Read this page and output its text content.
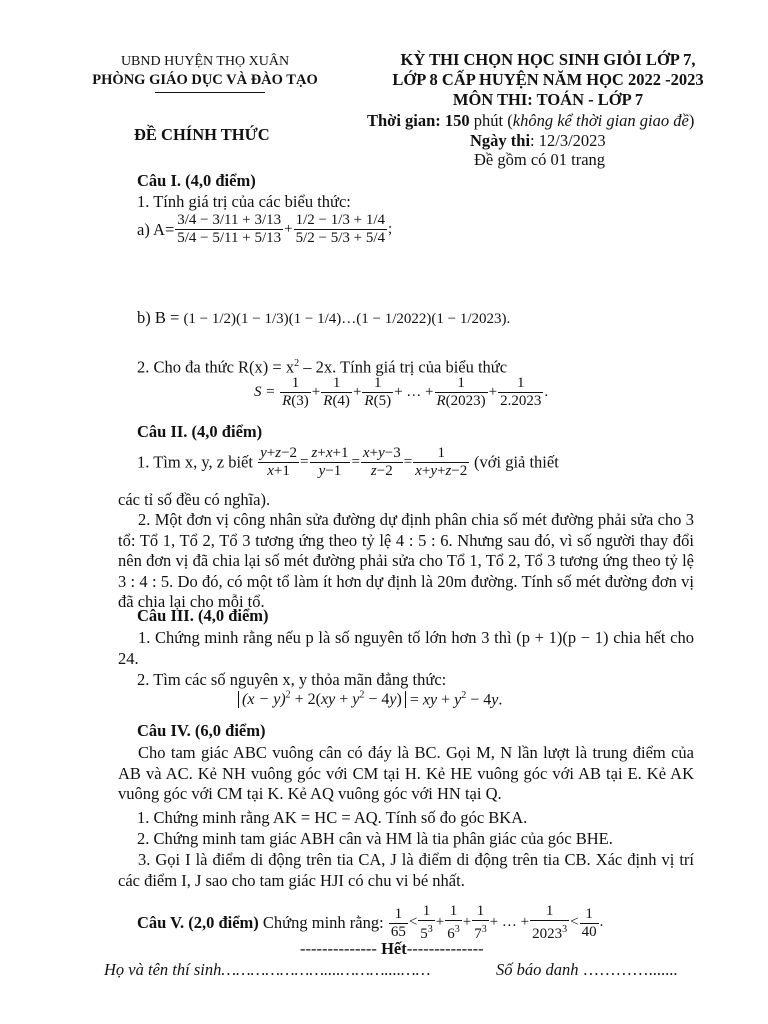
UBND HUYỆN THỌ XUÂN
PHÒNG GIÁO DỤC VÀ ĐÀO TẠO
ĐỀ CHÍNH THỨC
KỲ THI CHỌN HỌC SINH GIỎI LỚP 7,
LỚP 8 CẤP HUYỆN NĂM HỌC 2022 -2023
MÔN THI: TOÁN - LỚP 7
Thời gian: 150 phút (không kể thời gian giao đề)
Ngày thi: 12/3/2023
Đề gồm có 01 trang
Câu I. (4,0 điểm)
1. Tính giá trị của các biểu thức:
a) $A= \frac{3/4 - 3/11 + 3/13}{5/4 - 5/11 + 5/13} + \frac{1/2 - 1/3 + 1/4}{5/2 - 5/3 + 5/4}$ ;
b) B = (1 − 1/2)(1 − 1/3)(1 − 1/4)…(1 − 1/2022)(1 − 1/2023).
2. Cho đa thức $R(x) = x^2 - 2x$. Tính giá trị của biểu thức
$S = \frac{1}{R(3)} + \frac{1}{R(4)} + \frac{1}{R(5)}$ + … + $\frac{1}{R(2023)} + \frac{1}{2.2023}$ .
Câu II. (4,0 điểm)
1. Tìm x, y, z biết $\frac{y+z-2}{x+1} = \frac{z+x+1}{y-1} = \frac{x+y-3}{z-2} = \frac{1}{x+y+z-2}$ (với giả thiết
các tỉ số đều có nghĩa).
2. Một đơn vị công nhân sửa đường dự định phân chia số mét đường phải sửa cho 3 tổ: Tổ 1, Tổ 2, Tổ 3 tương ứng theo tỷ lệ 4 : 5 : 6. Nhưng sau đó, vì số người thay đổi nên đơn vị đã chia lại số mét đường phải sửa cho Tổ 1, Tổ 2, Tổ 3 tương ứng theo tỷ lệ 3 : 4 : 5. Do đó, có một tổ làm ít hơn dự định là 20m đường. Tính số mét đường đơn vị đã chia lại cho mỗi tổ.
Câu III. (4,0 điểm)
1. Chứng minh rằng nếu p là số nguyên tố lớn hơn 3 thì (p + 1)(p − 1) chia hết cho 24.
2. Tìm các số nguyên x, y thỏa mãn đẳng thức:
$(x - y)^2 + 2(xy + y^2 - 4y)$ = xy + $y^2 - 4y$.
Câu IV. (6,0 điểm)
Cho tam giác ABC vuông cân có đáy là BC. Gọi M, N lần lượt là trung điểm của AB và AC. Kẻ NH vuông góc với CM tại H. Kẻ HE vuông góc với AB tại E. Kẻ AK vuông góc với CM tại K. Kẻ AQ vuông góc với HN tại Q.
1. Chứng minh rằng AK = HC = AQ. Tính số đo góc BKA.
2. Chứng minh tam giác ABH cân và HM là tia phân giác của góc BHE.
3. Gọi I là điểm di động trên tia CA, J là điểm di động trên tia CB. Xác định vị trí các điểm I, J sao cho tam giác HJI có chu vi bé nhất.
Câu V. (2,0 điểm) Chứng minh rằng: $\frac{1}{65} < \frac{1}{5^3} + \frac{1}{6^3} + \frac{1}{7^3}$ + … + $\frac{1}{2023^3} < \frac{1}{40}$ .
-------------- Hết--------------
Họ và tên thí sinh…………………....………....……	Số báo danh ………….......
